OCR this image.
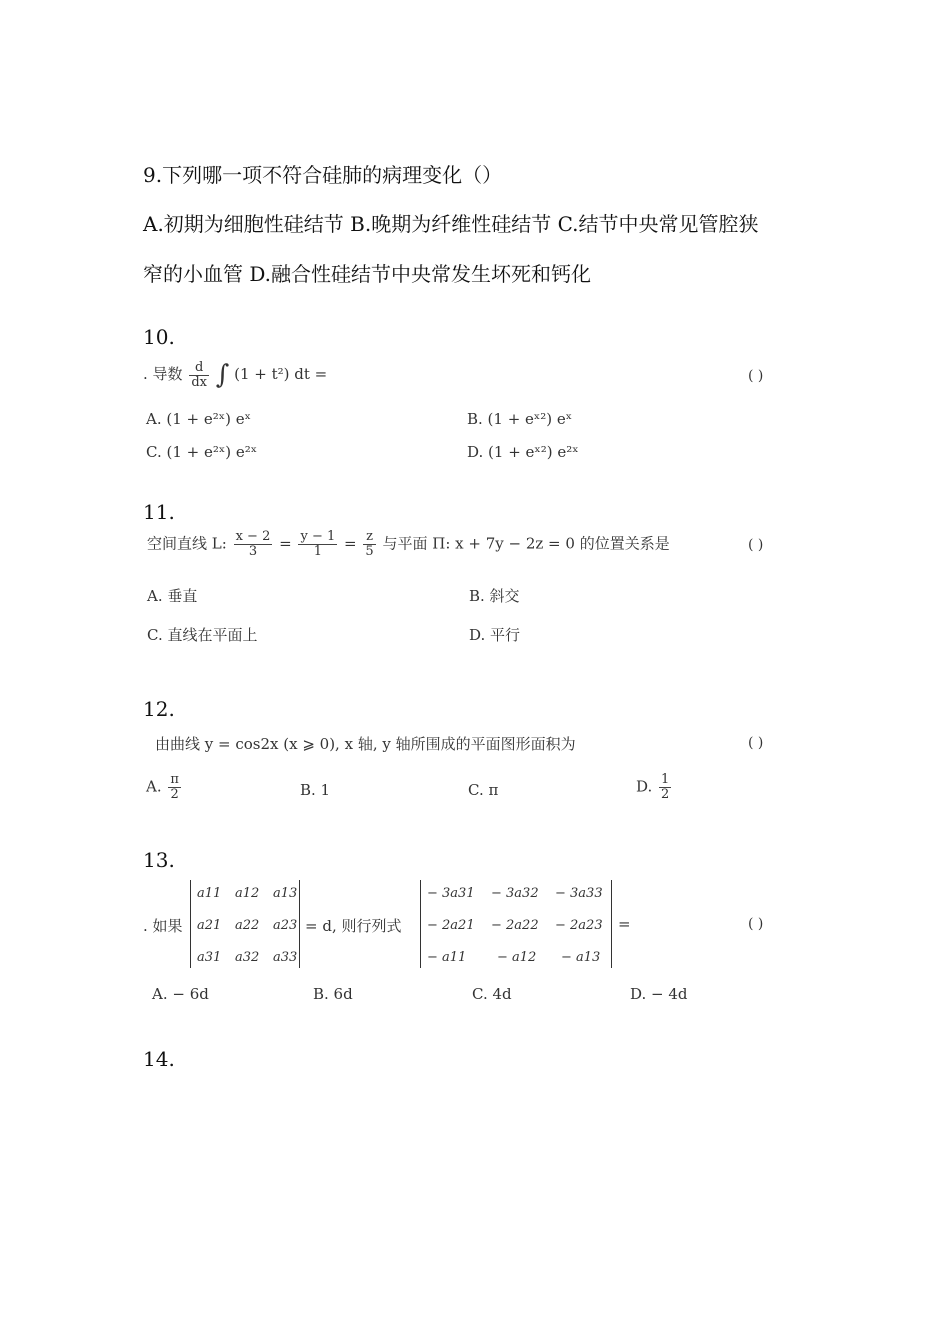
9.下列哪一项不符合硅肺的病理变化（）
A.初期为细胞性硅结节 B.晚期为纤维性硅结节 C.结节中央常见管腔狭
窄的小血管 D.融合性硅结节中央常发生坏死和钙化
10.
. 导数 $\frac{d}{dx}$ ∫ (1 + t²) dt =	( )
A. (1 + e²ˣ) eˣ	B. (1 + eˣ²) eˣ
C. (1 + e²ˣ) e²ˣ	D. (1 + eˣ²) e²ˣ
11.
空间直线 L: $\frac{x - 2}{3} = \frac{y - 1}{1} = \frac{z}{5}$ 与平面 Π: x + 7y − 2z = 0 的位置关系是	( )
A. 垂直	B. 斜交
C. 直线在平面上	D. 平行
12.
由曲线 y = cos2x (x ⩾ 0), x 轴, y 轴所围成的平面图形面积为	( )
A. $\frac{\pi}{2}$	B. 1	C. π	D. $\frac{1}{2}$
13.
. 如果
a11 a12 a13
a21 a22 a23
a31 a32 a33
= d, 则行列式
− 3a31 − 3a32 − 3a33
− 2a21 − 2a22 − 2a23
− a11 − a12 − a13
=	( )
A. − 6d	B. 6d	C. 4d	D. − 4d
14.
